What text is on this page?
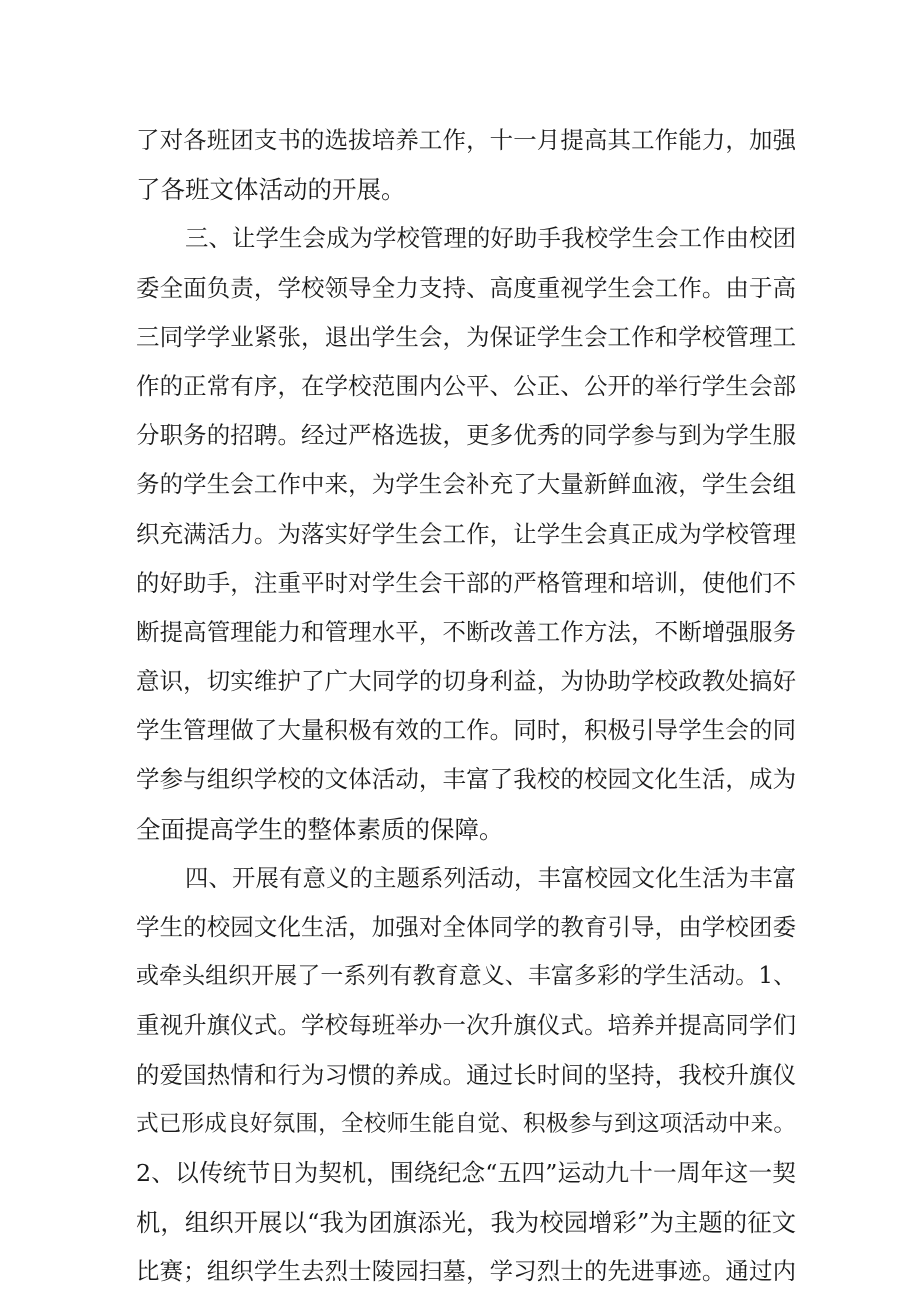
了对各班团支书的选拔培养工作，十一月提高其工作能力，加强
了各班文体活动的开展。
三、让学生会成为学校管理的好助手我校学生会工作由校团
委全面负责，学校领导全力支持、高度重视学生会工作。由于高
三同学学业紧张，退出学生会，为保证学生会工作和学校管理工
作的正常有序，在学校范围内公平、公正、公开的举行学生会部
分职务的招聘。经过严格选拔，更多优秀的同学参与到为学生服
务的学生会工作中来，为学生会补充了大量新鲜血液，学生会组
织充满活力。为落实好学生会工作，让学生会真正成为学校管理
的好助手，注重平时对学生会干部的严格管理和培训，使他们不
断提高管理能力和管理水平，不断改善工作方法，不断增强服务
意识，切实维护了广大同学的切身利益，为协助学校政教处搞好
学生管理做了大量积极有效的工作。同时，积极引导学生会的同
学参与组织学校的文体活动，丰富了我校的校园文化生活，成为
全面提高学生的整体素质的保障。
四、开展有意义的主题系列活动，丰富校园文化生活为丰富
学生的校园文化生活，加强对全体同学的教育引导，由学校团委
或牵头组织开展了一系列有教育意义、丰富多彩的学生活动。1、
重视升旗仪式。学校每班举办一次升旗仪式。培养并提高同学们
的爱国热情和行为习惯的养成。通过长时间的坚持，我校升旗仪
式已形成良好氛围，全校师生能自觉、积极参与到这项活动中来。
2、以传统节日为契机，围绕纪念“五四”运动九十一周年这一契
机，组织开展以“我为团旗添光，我为校园增彩”为主题的征文
比赛；组织学生去烈士陵园扫墓，学习烈士的先进事迹。通过内
